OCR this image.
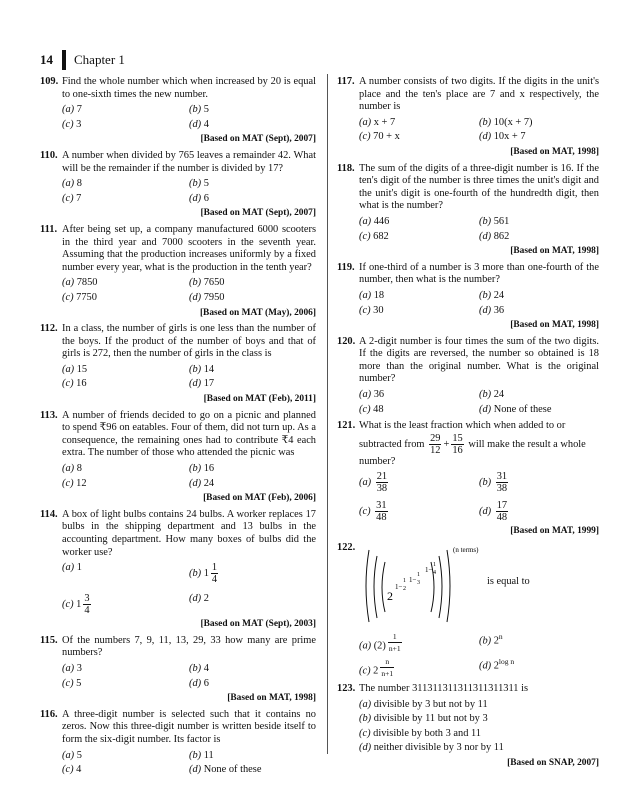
14 Chapter 1
109. Find the whole number which when increased by 20 is equal to one-sixth times the new number.
(a) 7	(b) 5
(c) 3	(d) 4
[Based on MAT (Sept), 2007]
110. A number when divided by 765 leaves a remainder 42. What will be the remainder if the number is divided by 17?
(a) 8	(b) 5
(c) 7	(d) 6
[Based on MAT (Sept), 2007]
111. After being set up, a company manufactured 6000 scooters in the third year and 7000 scooters in the seventh year. Assuming that the production increases uniformly by a fixed number every year, what is the production in the tenth year?
(a) 7850	(b) 7650
(c) 7750	(d) 7950
[Based on MAT (May), 2006]
112. In a class, the number of girls is one less than the number of the boys. If the product of the number of boys and that of girls is 272, then the number of girls in the class is
(a) 15	(b) 14
(c) 16	(d) 17
[Based on MAT (Feb), 2011]
113. A number of friends decided to go on a picnic and planned to spend ₹96 on eatables. Four of them, did not turn up. As a consequence, the remaining ones had to contribute ₹4 each extra. The number of those who attended the picnic was
(a) 8	(b) 16
(c) 12	(d) 24
[Based on MAT (Feb), 2006]
114. A box of light bulbs contains 24 bulbs. A worker replaces 17 bulbs in the shipping department and 13 bulbs in the accounting department. How many boxes of bulbs did the worker use?
(a) 1
(b) $1 \frac{1}{4}$
(c) $1 \frac{3}{4}$	(d) 2
[Based on MAT (Sept), 2003]
115. Of the numbers 7, 9, 11, 13, 29, 33 how many are prime numbers?
(a) 3	(b) 4
(c) 5	(d) 6
[Based on MAT, 1998]
116. A three-digit number is selected such that it contains no zeros. Now this three-digit number is written beside itself to form the six-digit number. Its factor is
(a) 5	(b) 11
(c) 4	(d) None of these
117. A number consists of two digits. If the digits in the unit's place and the ten's place are 7 and x respectively, the number is
(a) x + 7	(b) 10(x + 7)
(c) 70 + x	(d) 10x + 7
[Based on MAT, 1998]
118. The sum of the digits of a three-digit number is 16. If the ten's digit of the number is three times the unit's digit and the unit's digit is one-fourth of the hundredth digit, then what is the number?
(a) 446	(b) 561
(c) 682	(d) 862
[Based on MAT, 1998]
119. If one-third of a number is 3 more than one-fourth of the number, then what is the number?
(a) 18	(b) 24
(c) 30	(d) 36
[Based on MAT, 1998]
120. A 2-digit number is four times the sum of the two digits. If the digits are reversed, the number so obtained is 18 more than the original number. What is the original number?
(a) 36	(b) 24
(c) 48	(d) None of these
121. What is the least fraction which when added to or
subtracted from $\frac{29}{12} + \frac{15}{16}$ will make the result a whole
number?
$(a) \frac{21}{38}$	$(b) \frac{31}{38}$
$(c) \frac{31}{48}$	$(d) \frac{17}{48}$
[Based on MAT, 1999]
122.
2
1−
1
2
1−
1
3
1−
1
4
(n terms)
is equal to
(a) (2) $^{\frac{1}{n+1}}$	(b) 2$^n$
(c) 2 $^{\frac{n}{n+1}}$	(d) $2^{log n}$
123. The number 311311311311311311311 is
(a) divisible by 3 but not by 11
(b) divisible by 11 but not by 3
(c) divisible by both 3 and 11
(d) neither divisible by 3 nor by 11
[Based on SNAP, 2007]
